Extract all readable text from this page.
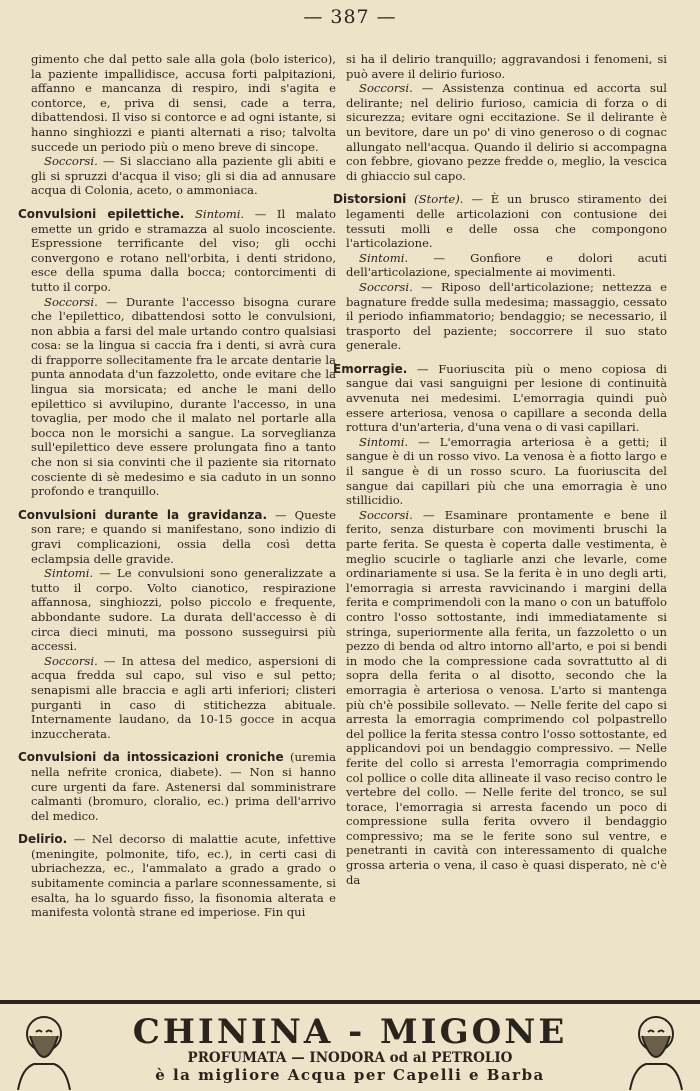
— 387 —

gimento che dal petto sale alla gola (bolo isterico), la paziente impallidisce, accusa forti palpitazioni, affanno e mancanza di respiro, indi s'agita e contorce, e, priva di sensi, cade a terra, dibattendosi. Il viso si contorce e ad ogni istante, si hanno singhiozzi e pianti alternati a riso; talvolta succede un periodo più o meno breve di sincope.

Soccorsi. — Si slacciano alla paziente gli abiti e gli si spruzzi d'acqua il viso; gli si dia ad annusare acqua di Colonia, aceto, o ammoniaca.

Convulsioni epilettiche. Sintomi. — Il malato emette un grido e stramazza al suolo incosciente. Espressione terrificante del viso; gli occhi convergono e rotano nell'orbita, i denti stridono, esce della spuma dalla bocca; contorcimenti di tutto il corpo.

Soccorsi. — Durante l'accesso bisogna curare che l'epilettico, dibattendosi sotto le convulsioni, non abbia a farsi del male urtando contro qualsiasi cosa: se la lingua si caccia fra i denti, si avrà cura di frapporre sollecitamente fra le arcate dentarie la punta annodata d'un fazzoletto, onde evitare che la lingua sia morsicata; ed anche le mani dello epilettico si avvilupino, durante l'accesso, in una tovaglia, per modo che il malato nel portarle alla bocca non le morsichi a sangue. La sorveglianza sull'epilettico deve essere prolungata fino a tanto che non si sia convinti che il paziente sia ritornato cosciente di sè medesimo e sia caduto in un sonno profondo e tranquillo.

Convulsioni durante la gravidanza. — Queste son rare; e quando si manifestano, sono indizio di gravi complicazioni, ossia della così detta eclampsia delle gravide.

Sintomi. — Le convulsioni sono generalizzate a tutto il corpo. Volto cianotico, respirazione affannosa, singhiozzi, polso piccolo e frequente, abbondante sudore. La durata dell'accesso è di circa dieci minuti, ma possono susseguirsi più accessi.

Soccorsi. — In attesa del medico, aspersioni di acqua fredda sul capo, sul viso e sul petto; senapismi alle braccia e agli arti inferiori; clisteri purganti in caso di stitichezza abituale. Internamente laudano, da 10-15 gocce in acqua inzuccherata.

Convulsioni da intossicazioni croniche (uremia nella nefrite cronica, diabete). — Non si hanno cure urgenti da fare. Astenersi dal somministrare calmanti (bromuro, cloralio, ec.) prima dell'arrivo del medico.

Delirio. — Nel decorso di malattie acute, infettive (meningite, polmonite, tifo, ec.), in certi casi di ubriachezza, ec., l'ammalato a grado a grado o subitamente comincia a parlare sconnessamente, si esalta, ha lo sguardo fisso, la fisonomia alterata e manifesta volontà strane ed imperiose. Fin qui

si ha il delirio tranquillo; aggravandosi i fenomeni, si può avere il delirio furioso.

Soccorsi. — Assistenza continua ed accorta sul delirante; nel delirio furioso, camicia di forza o di sicurezza; evitare ogni eccitazione. Se il delirante è un bevitore, dare un po' di vino generoso o di cognac allungato nell'acqua. Quando il delirio si accompagna con febbre, giovano pezze fredde o, meglio, la vescica di ghiaccio sul capo.

Distorsioni (Storte). — È un brusco stiramento dei legamenti delle articolazioni con contusione dei tessuti molli e delle ossa che compongono l'articolazione.

Sintomi. — Gonfiore e dolori acuti dell'articolazione, specialmente ai movimenti.

Soccorsi. — Riposo dell'articolazione; nettezza e bagnature fredde sulla medesima; massaggio, cessato il periodo infiammatorio; bendaggio; se necessario, il trasporto del paziente; soccorrere il suo stato generale.

Emorragie. — Fuoriuscita più o meno copiosa di sangue dai vasi sanguigni per lesione di continuità avvenuta nei medesimi. L'emorragia quindi può essere arteriosa, venosa o capillare a seconda della rottura d'un'arteria, d'una vena o di vasi capillari.

Sintomi. — L'emorragia arteriosa è a getti; il sangue è di un rosso vivo. La venosa è a fiotto largo e il sangue è di un rosso scuro. La fuoriuscita del sangue dai capillari più che una emorragia è uno stillicidio.

Soccorsi. — Esaminare prontamente e bene il ferito, senza disturbare con movimenti bruschi la parte ferita. Se questa è coperta dalle vestimenta, è meglio scucirle o tagliarle anzi che levarle, come ordinariamente si usa. Se la ferita è in uno degli arti, l'emorragia si arresta ravvicinando i margini della ferita e comprimendoli con la mano o con un batuffolo contro l'osso sottostante, indi immediatamente si stringa, superiormente alla ferita, un fazzoletto o un pezzo di benda od altro intorno all'arto, e poi si bendi in modo che la compressione cada sovrattutto al di sopra della ferita o al disotto, secondo che la emorragia è arteriosa o venosa. L'arto si mantenga più ch'è possibile sollevato. — Nelle ferite del capo si arresta la emorragia comprimendo col polpastrello del pollice la ferita stessa contro l'osso sottostante, ed applicandovi poi un bendaggio compressivo. — Nelle ferite del collo si arresta l'emorragia comprimendo col pollice o colle dita allineate il vaso reciso contro le vertebre del collo. — Nelle ferite del tronco, se sul torace, l'emorragia si arresta facendo un poco di compressione sulla ferita ovvero il bendaggio compressivo; ma se le ferite sono sul ventre, e penetranti in cavità con interessamento di qualche grossa arteria o vena, il caso è quasi disperato, nè c'è da

CHININA - MIGONE
PROFUMATA — INODORA od al PETROLIO
è la migliore Acqua per Capelli e Barba
